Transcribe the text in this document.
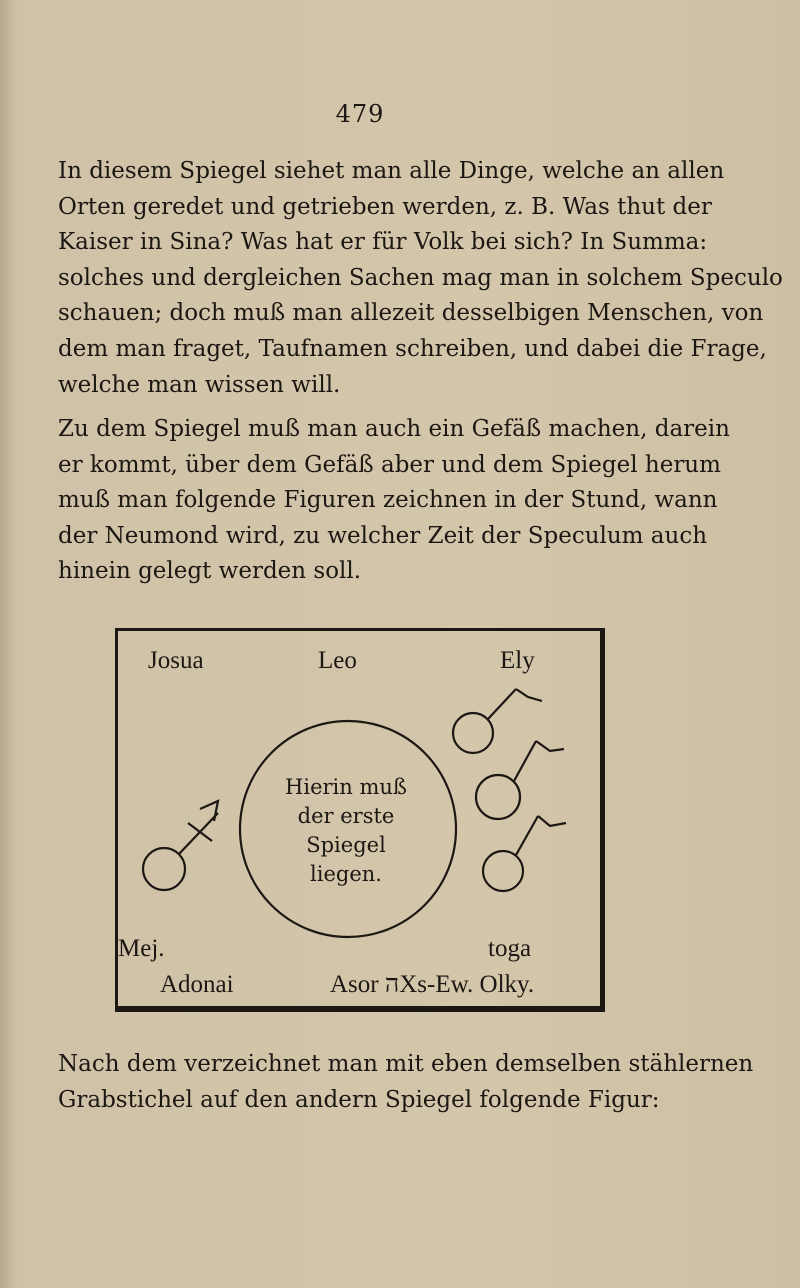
479
In diesem Spiegel siehet man alle Dinge, welche an allen
Orten geredet und getrieben werden, z. B. Was thut der
Kaiser in Sina? Was hat er für Volk bei sich? In Summa:
solches und dergleichen Sachen mag man in solchem Speculo
schauen; doch muß man allezeit desselbigen Menschen, von
dem man fraget, Taufnamen schreiben, und dabei die Frage,
welche man wissen will.
Zu dem Spiegel muß man auch ein Gefäß machen, darein
er kommt, über dem Gefäß aber und dem Spiegel herum
muß man folgende Figuren zeichnen in der Stund, wann
der Neumond wird, zu welcher Zeit der Speculum auch
hinein gelegt werden soll.
Josua	Leo	Ely
Hierin muß
der erste
Spiegel
liegen.
Mej.
Adonai
toga
Asor ה‎Xs-Ew. Olky.
Nach dem verzeichnet man mit eben demselben stählernen
Grabstichel auf den andern Spiegel folgende Figur:
